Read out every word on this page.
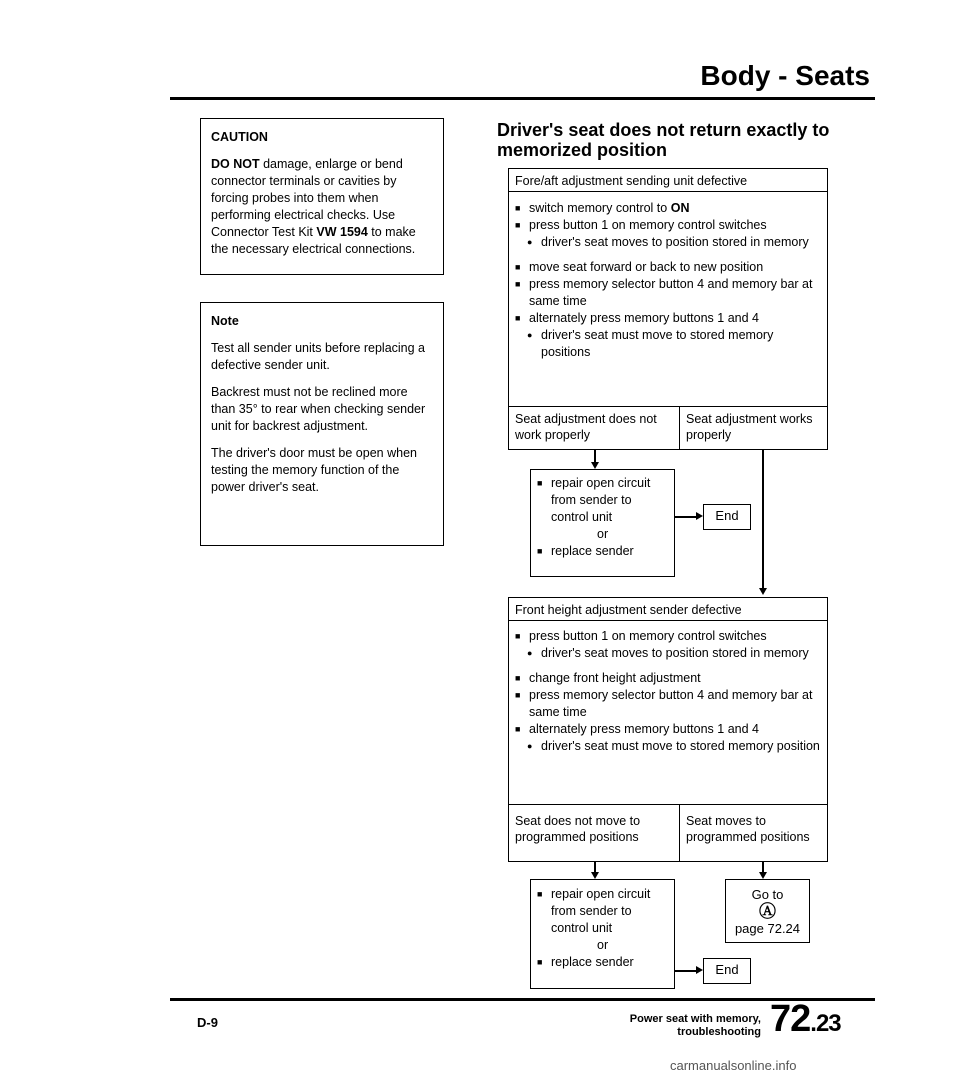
Body - Seats
CAUTION
DO NOT damage, enlarge or bend connector terminals or cavities by forcing probes into them when performing electrical checks. Use Connector Test Kit VW 1594 to make the necessary electrical connections.
Note

Test all sender units before replacing a defective sender unit.

Backrest must not be reclined more than 35° to rear when checking sender unit for backrest adjustment.

The driver's door must be open when testing the memory function of the power driver's seat.

Driver's seat does not return exactly to memorized position
Fore/aft adjustment sending unit defective
■ switch memory control to ON
■ press button 1 on memory control switches
● driver's seat moves to position stored in memory
■ move seat forward or back to new position
■ press memory selector button 4 and memory bar at same time
■ alternately press memory buttons 1 and 4
● driver's seat must move to stored memory positions
Seat adjustment does not work properly
Seat adjustment works properly
■ repair open circuit from sender to control unit
or
■ replace sender
End
Front height adjustment sender defective
■ press button 1 on memory control switches
● driver's seat moves to position stored in memory
■ change front height adjustment
■ press memory selector button 4 and memory bar at same time
■ alternately press memory buttons 1 and 4
● driver's seat must move to stored memory position
Seat does not move to programmed positions
Seat moves to programmed positions
■ repair open circuit from sender to control unit
or
■ replace sender
Go to
Ⓐ
page 72.24
End
D-9	Power seat with memory,
troubleshooting 72.23
carmanualsonline.info
